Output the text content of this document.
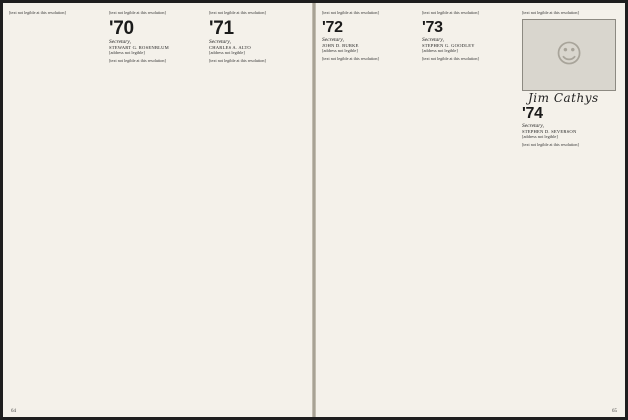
[text not legible at this resolution]	[text not legible at this resolution]

'70
Secretary,
STEWART G. ROSENBLUM
[address not legible]

[text not legible at this resolution]

[text not legible at this resolution]

'71
Secretary,
CHARLES A. ALTO
[address not legible]

[text not legible at this resolution]

64

[text not legible at this resolution]

'72
Secretary,
JOHN D. BURKE
[address not legible]

[text not legible at this resolution]

[text not legible at this resolution]

'73
Secretary,
STEPHEN G. GOODLEY
[address not legible]

[text not legible at this resolution]

[text not legible at this resolution]

☺
Jim Cathys
'74
Secretary,
STEPHEN D. SEVERSON
[address not legible]

[text not legible at this resolution]

65
